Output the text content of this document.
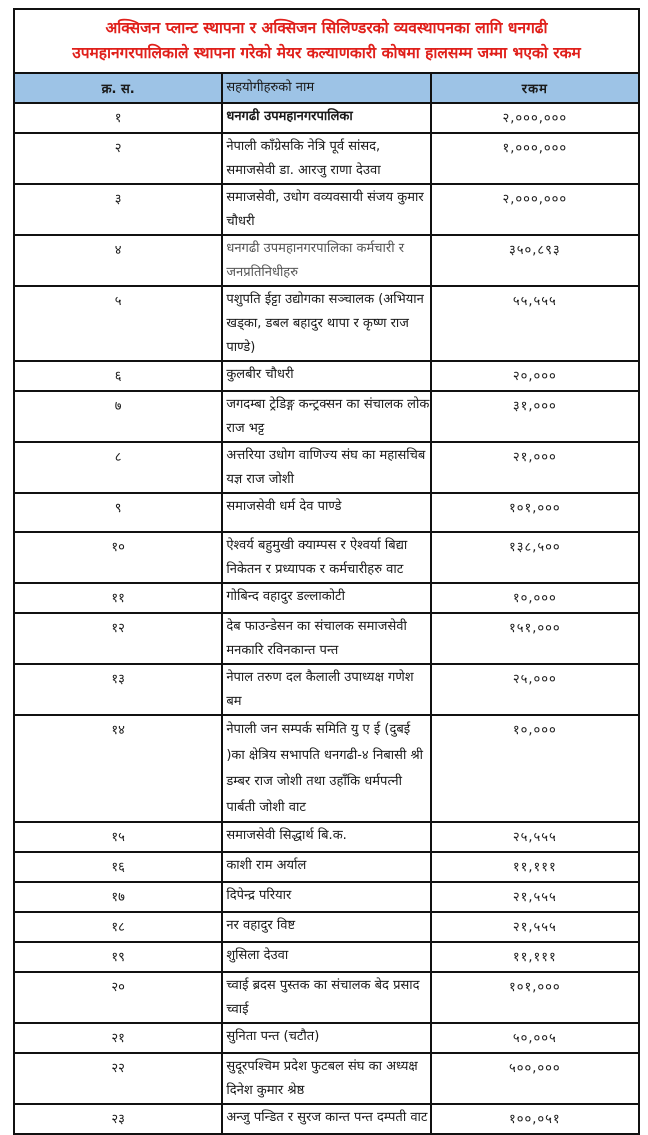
अक्सिजन प्लान्ट स्थापना र अक्सिजन सिलिण्डरको व्यवस्थापनका लागि धनगढी
उपमहानगरपालिकाले स्थापना गरेको मेयर कल्याणकारी कोषमा हालसम्म जम्मा भएको रकम		

क्र. स.	सहयोगीहरुको नाम	रकम
१	धनगढी उपमहानगरपालिका	२,०००,०००
२	नेपाली काँग्रेसकि नेत्रि पूर्व सांसद, समाजसेवी डा. आरजु राणा देउवा	१,०००,०००
३	समाजसेवी, उधोग वव्यवसायी संजय कुमार चौधरी	२,०००,०००
४	धनगढी उपमहानगरपालिका कर्मचारी र जनप्रतिनिधीहरु	३५०,८९३
५	पशुपति ईट्टा उद्योगका सञ्चालक (अभियान खड्का, डबल बहादुर थापा र कृष्ण राज पाण्डे)	५५,५५५
६	कुलबीर चौधरी	२०,०००
७	जगदम्बा ट्रेडिङ्ग कन्ट्रक्सन का संचालक लोक राज भट्ट	३१,०००
८	अत्तरिया उधोग वाणिज्य संघ का महासचिब यज्ञ राज जोशी	२१,०००
९	समाजसेवी धर्म देव पाण्डे	१०१,०००
१०	ऐश्वर्य बहुमुखी क्याम्पस र ऐश्वर्या बिद्या निकेतन र प्रध्यापक र कर्मचारीहरु वाट	१३८,५००
११	गोबिन्द वहादुर डल्लाकोटी	१०,०००
१२	देब फाउन्डेसन का संचालक समाजसेवी मनकारि रविनकान्त पन्त	१५१,०००
१३	नेपाल तरुण दल कैलाली उपाध्यक्ष गणेश बम	२५,०००
१४	नेपाली जन सम्पर्क समिति यु ए ई (दुबई )का क्षेत्रिय सभापति धनगढी-४ निबासी श्री डम्बर राज जोशी तथा उहाँकि धर्मपत्नी पार्बती जोशी वाट	१०,०००
१५	समाजसेवी सिद्धार्थ बि.क.	२५,५५५
१६	काशी राम अर्याल	११,१११
१७	दिपेन्द्र परियार	२१,५५५
१८	नर वहादुर विष्ट	२१,५५५
१९	शुसिला देउवा	११,१११
२०	च्वाई ब्रदस पुस्तक का संचालक बेद प्रसाद च्वाई	१०१,०००
२१	सुनिता पन्त (चटौत)	५०,००५
२२	सुदूरपश्चिम प्रदेश फुटबल संघ का अध्यक्ष दिनेश कुमार श्रेष्ठ	५००,०००
२३	अन्जु पन्डित र सुरज कान्त पन्त दम्पती वाट	१००,०५१
